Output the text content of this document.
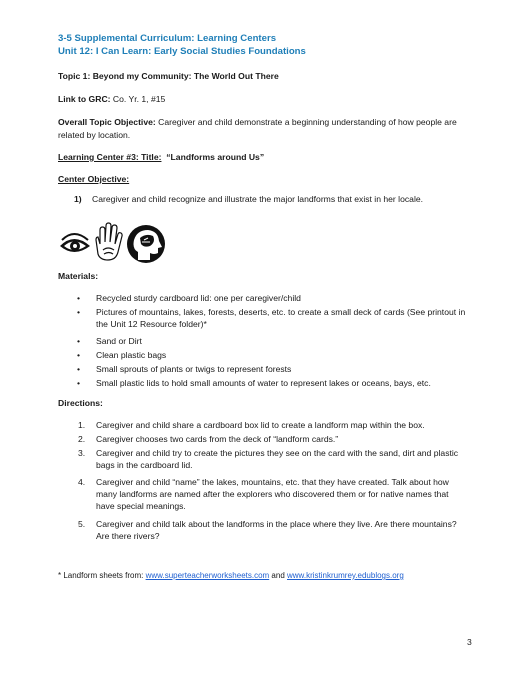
3-5 Supplemental Curriculum: Learning Centers
Unit 12: I Can Learn: Early Social Studies Foundations
Topic 1: Beyond my Community: The World Out There
Link to GRC: Co. Yr. 1, #15
Overall Topic Objective: Caregiver and child demonstrate a beginning understanding of how people are
related by location.
Learning Center #3: Title: “Landforms around Us”
Center Objective:
1) Caregiver and child recognize and illustrate the major landforms that exist in her locale.
Materials:
• Recycled sturdy cardboard lid: one per caregiver/child
• Pictures of mountains, lakes, forests, deserts, etc. to create a small deck of cards (See printout in
the Unit 12 Resource folder)*
• Sand or Dirt
• Clean plastic bags
• Small sprouts of plants or twigs to represent forests
• Small plastic lids to hold small amounts of water to represent lakes or oceans, bays, etc.
Directions:
1. Caregiver and child share a cardboard box lid to create a landform map within the box.
2. Caregiver chooses two cards from the deck of “landform cards.”
3. Caregiver and child try to create the pictures they see on the card with the sand, dirt and plastic
bags in the cardboard lid.
4. Caregiver and child “name” the lakes, mountains, etc. that they have created. Talk about how
many landforms are named after the explorers who discovered them or for native names that
have special meanings.
5. Caregiver and child talk about the landforms in the place where they live. Are there mountains?
Are there rivers?
* Landform sheets from: www.superteacherworksheets.com and www.kristinkrumrey.edublogs.org
3
